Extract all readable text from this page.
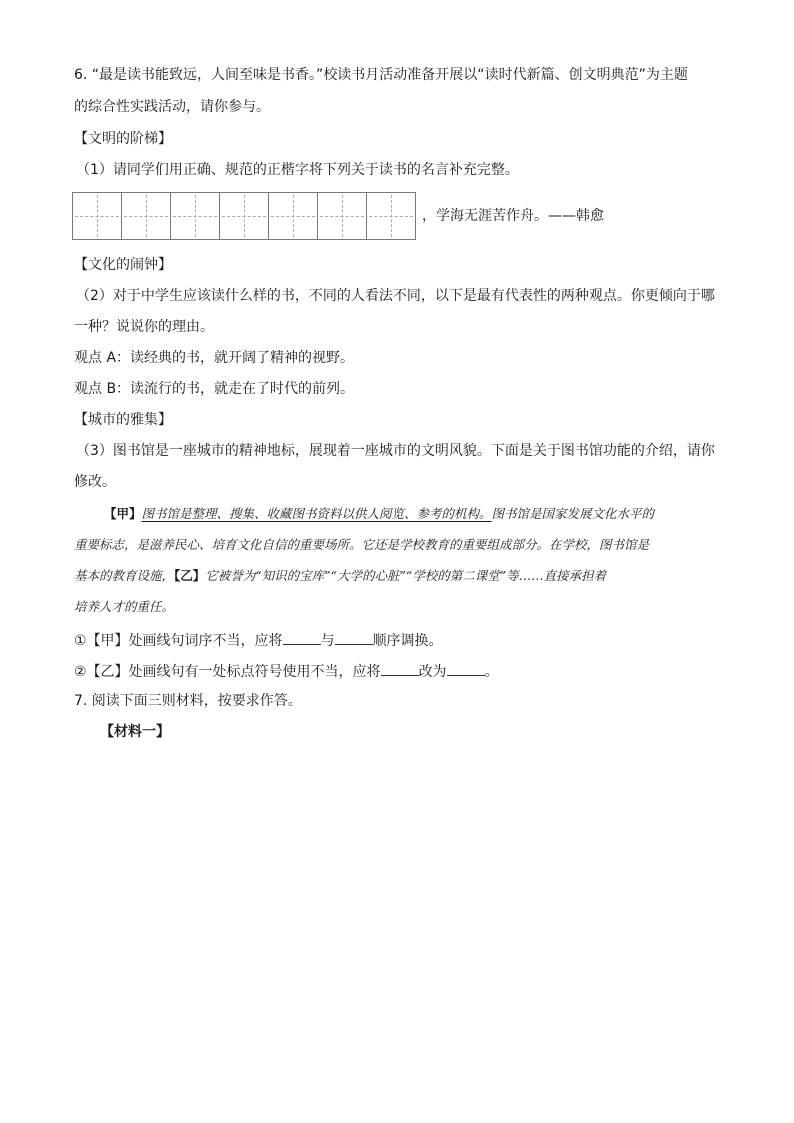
6. “最是读书能致远，人间至味是书香。”校读书月活动准备开展以“读时代新篇、创文明典范”为主题
的综合性实践活动，请你参与。
【文明的阶梯】
（1）请同学们用正确、规范的正楷字将下列关于读书的名言补充完整。
，学海无涯苦作舟。——韩愈
【文化的闹钟】
（2）对于中学生应该读什么样的书，不同的人看法不同，以下是最有代表性的两种观点。你更倾向于哪
一种？说说你的理由。
观点 A：读经典的书，就开阔了精神的视野。
观点 B：读流行的书，就走在了时代的前列。
【城市的雅集】
（3）图书馆是一座城市的精神地标，展现着一座城市的文明风貌。下面是关于图书馆功能的介绍，请你
修改。
【甲】图书馆是整理、搜集、收藏图书资料以供人阅览、参考的机构。图书馆是国家发展文化水平的
重要标志，是滋养民心、培育文化自信的重要场所。它还是学校教育的重要组成部分。在学校，图书馆是
基本的教育设施，【乙】它被誉为“知识的宝库”“大学的心脏”“学校的第二课堂”等……直接承担着
培养人才的重任。
①【甲】处画线句词序不当，应将	与	顺序调换。
②【乙】处画线句有一处标点符号使用不当，应将	改为	。
7. 阅读下面三则材料，按要求作答。
【材料一】
